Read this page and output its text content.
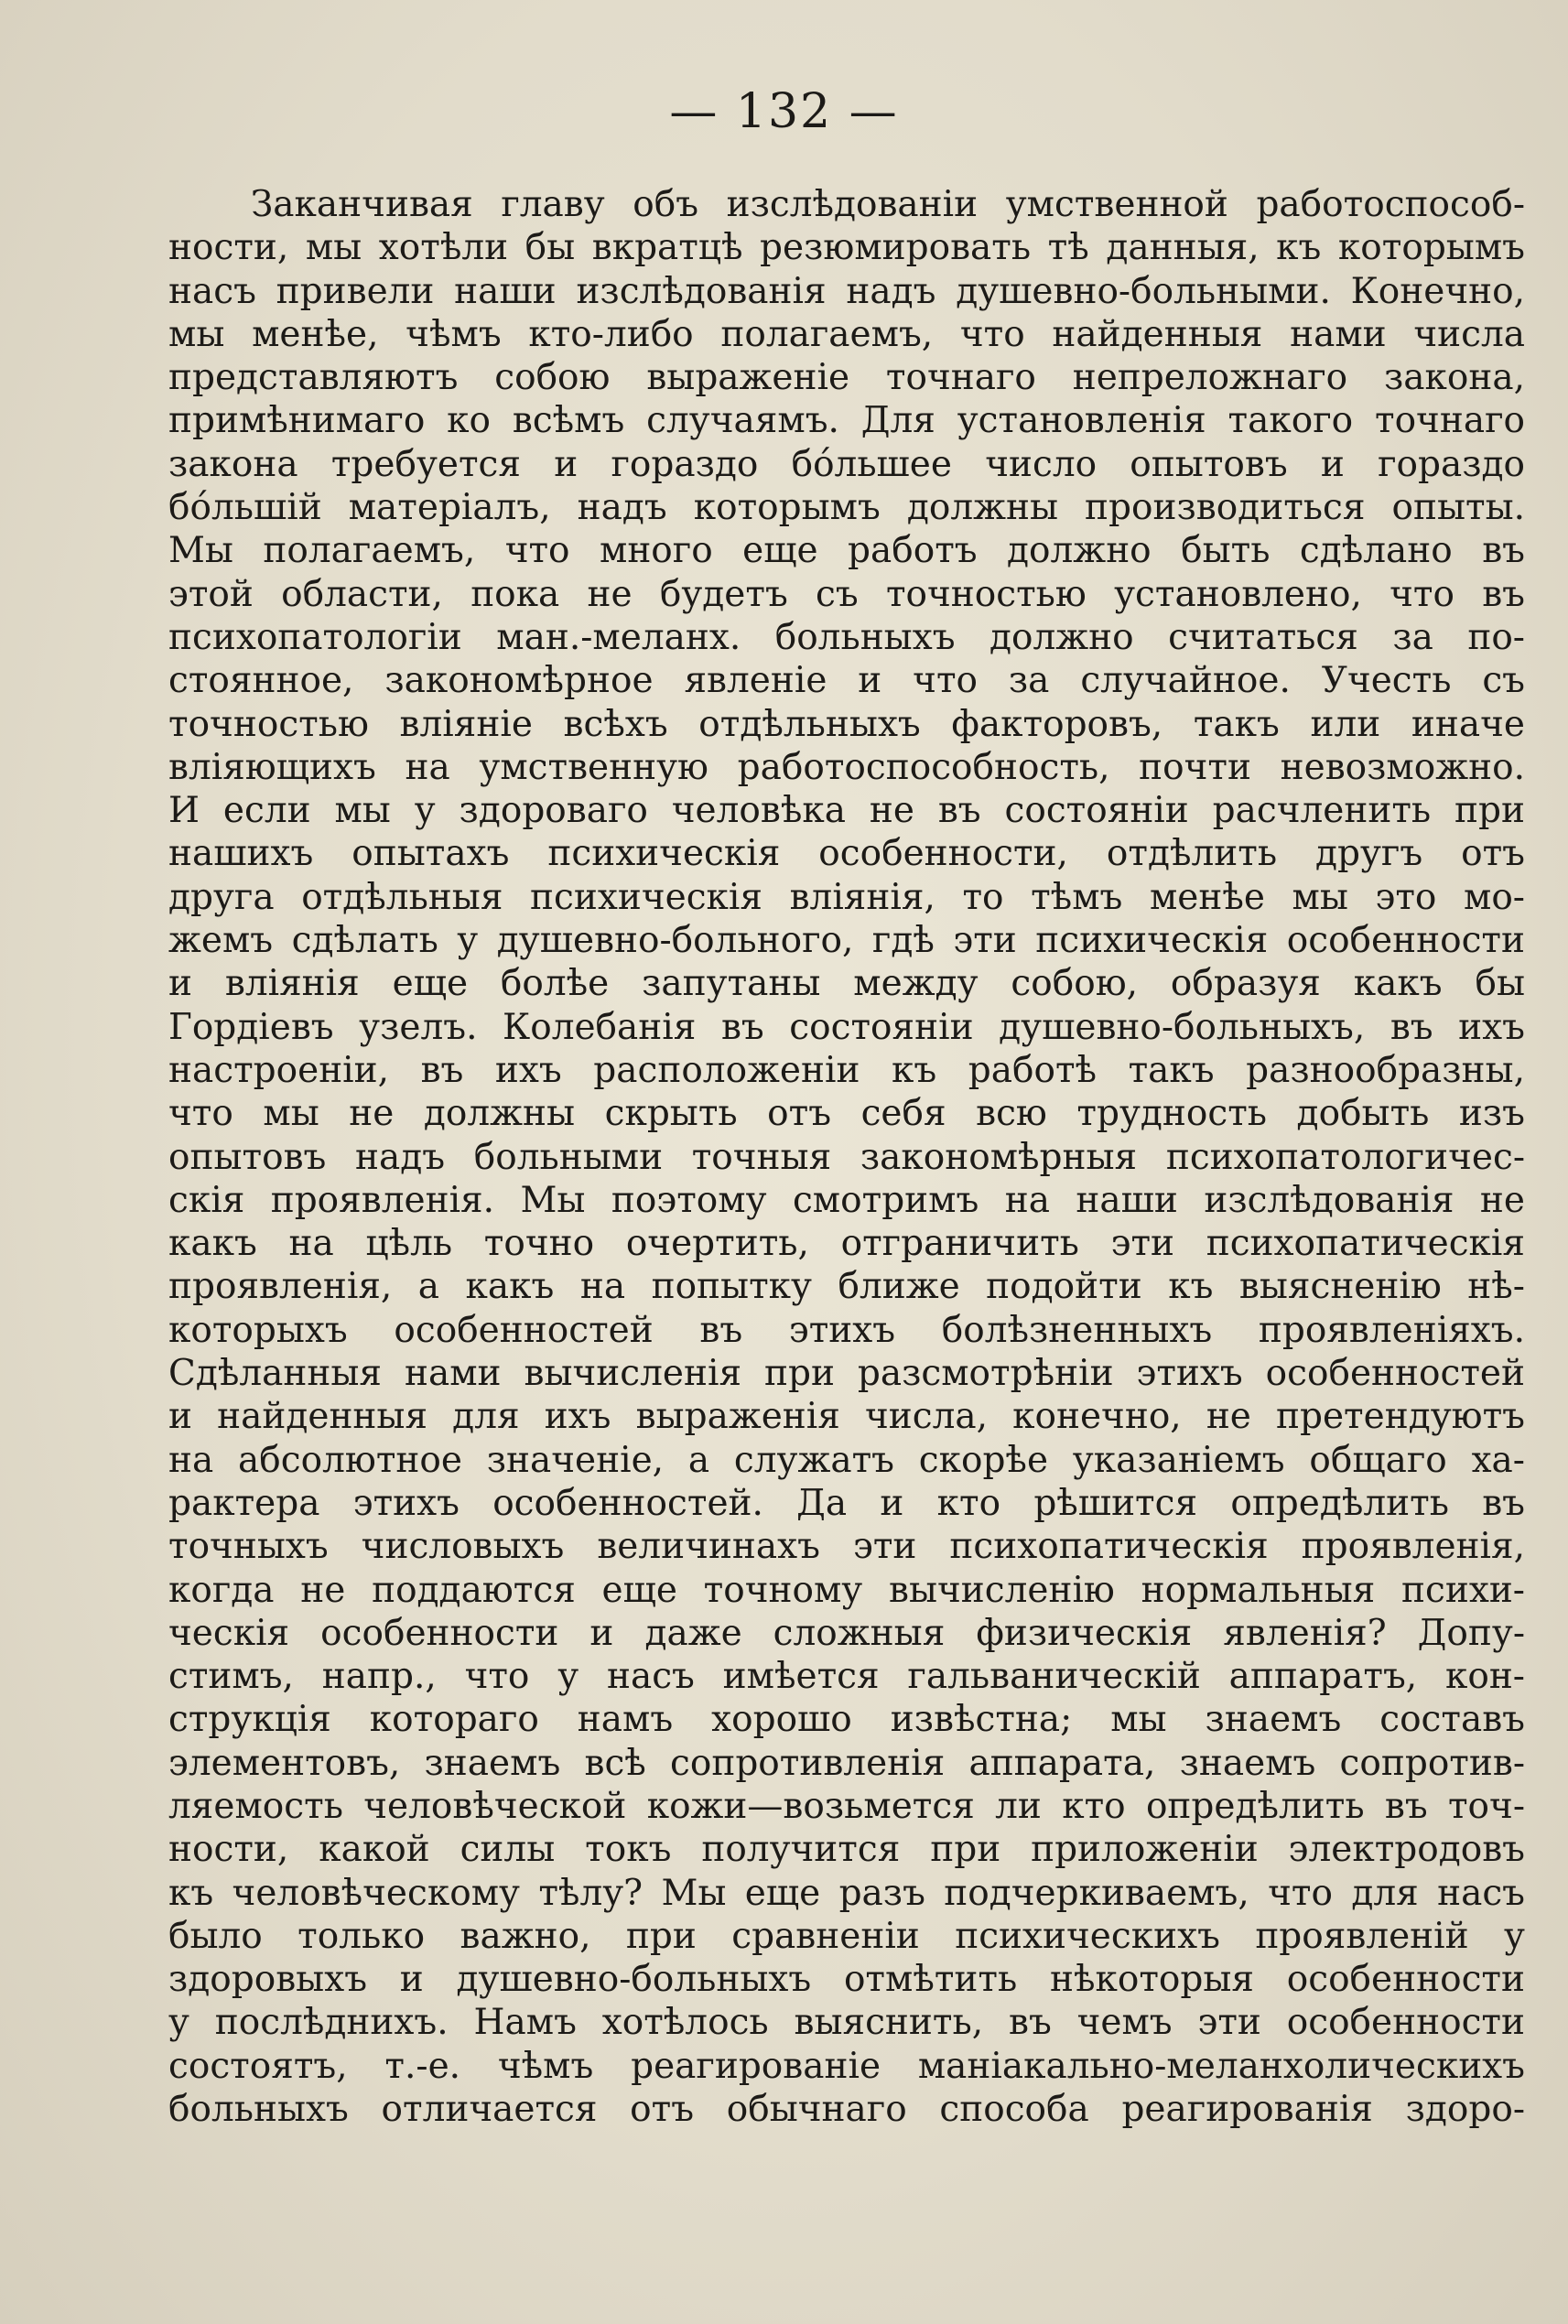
— 132 —
Заканчивая главу объ изслѣдованіи умственной работоспособ-
ности, мы хотѣли бы вкратцѣ резюмировать тѣ данныя, къ которымъ
насъ привели наши изслѣдованія надъ душевно-больными. Конечно,
мы менѣе, чѣмъ кто-либо полагаемъ, что найденныя нами числа
представляютъ собою выраженіе точнаго непреложнаго закона,
примѣнимаго ко всѣмъ случаямъ. Для установленія такого точнаго
закона требуется и гораздо бо́льшее число опытовъ и гораздо
бо́льшій матеріалъ, надъ которымъ должны производиться опыты.
Мы полагаемъ, что много еще работъ должно быть сдѣлано въ
этой области, пока не будетъ съ точностью установлено, что въ
психопатологіи ман.-меланх. больныхъ должно считаться за по-
стоянное, закономѣрное явленіе и что за случайное. Учесть съ
точностью вліяніе всѣхъ отдѣльныхъ факторовъ, такъ или иначе
вліяющихъ на умственную работоспособность, почти невозможно.
И если мы у здороваго человѣка не въ состояніи расчленить при
нашихъ опытахъ психическія особенности, отдѣлить другъ отъ
друга отдѣльныя психическія вліянія, то тѣмъ менѣе мы это мо-
жемъ сдѣлать у душевно-больного, гдѣ эти психическія особенности
и вліянія еще болѣе запутаны между собою, образуя какъ бы
Гордіевъ узелъ. Колебанія въ состояніи душевно-больныхъ, въ ихъ
настроеніи, въ ихъ расположеніи къ работѣ такъ разнообразны,
что мы не должны скрыть отъ себя всю трудность добыть изъ
опытовъ надъ больными точныя закономѣрныя психопатологичес-
скія проявленія. Мы поэтому смотримъ на наши изслѣдованія не
какъ на цѣль точно очертить, отграничить эти психопатическія
проявленія, а какъ на попытку ближе подойти къ выясненію нѣ-
которыхъ особенностей въ этихъ болѣзненныхъ проявленіяхъ.
Сдѣланныя нами вычисленія при разсмотрѣніи этихъ особенностей
и найденныя для ихъ выраженія числа, конечно, не претендуютъ
на абсолютное значеніе, а служатъ скорѣе указаніемъ общаго ха-
рактера этихъ особенностей. Да и кто рѣшится опредѣлить въ
точныхъ числовыхъ величинахъ эти психопатическія проявленія,
когда не поддаются еще точному вычисленію нормальныя психи-
ческія особенности и даже сложныя физическія явленія? Допу-
стимъ, напр., что у насъ имѣется гальваническій аппаратъ, кон-
струкція котораго намъ хорошо извѣстна; мы знаемъ составъ
элементовъ, знаемъ всѣ сопротивленія аппарата, знаемъ сопротив-
ляемость человѣческой кожи—возьмется ли кто опредѣлить въ точ-
ности, какой силы токъ получится при приложеніи электродовъ
къ человѣческому тѣлу? Мы еще разъ подчеркиваемъ, что для насъ
было только важно, при сравненіи психическихъ проявленій у
здоровыхъ и душевно-больныхъ отмѣтить нѣкоторыя особенности
у послѣднихъ. Намъ хотѣлось выяснить, въ чемъ эти особенности
состоятъ, т.-е. чѣмъ реагированіе маніакально-меланхолическихъ
больныхъ отличается отъ обычнаго способа реагированія здоро-
